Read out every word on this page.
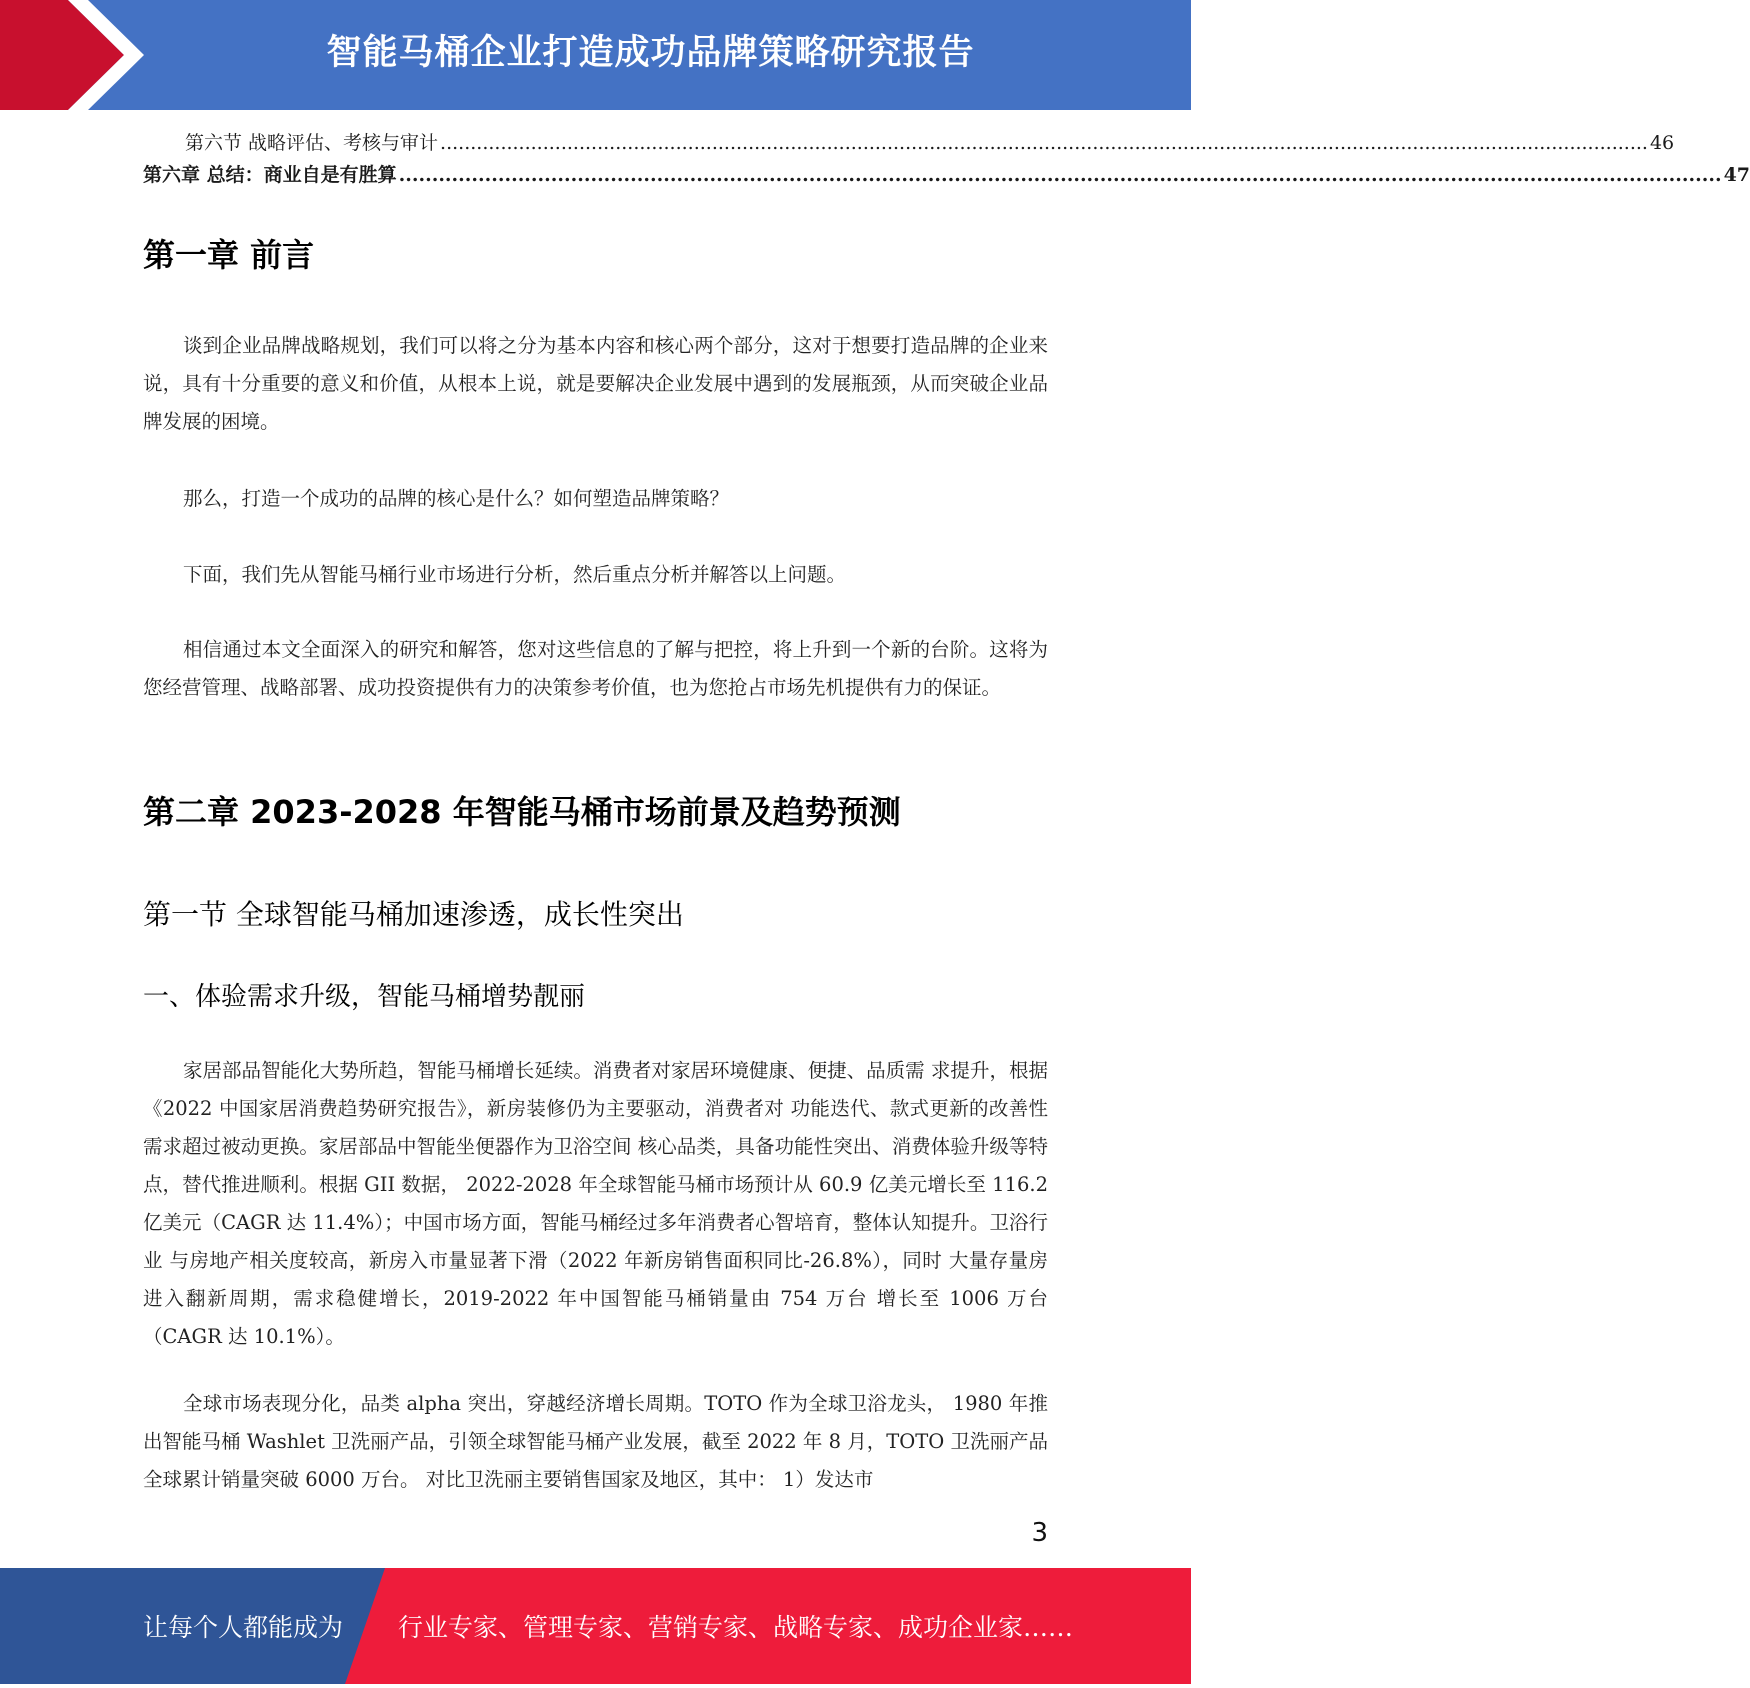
智能马桶企业打造成功品牌策略研究报告
第六节 战略评估、考核与审计 ........................................................................................................................................................................................................ 46
第六章 总结：商业自是有胜算 ........................................................................................................................................................................................................ 47
第一章 前言

谈到企业品牌战略规划，我们可以将之分为基本内容和核心两个部分，这对于想要打造品牌的企业来说，具有十分重要的意义和价值，从根本上说，就是要解决企业发展中遇到的发展瓶颈，从而突破企业品牌发展的困境。

那么，打造一个成功的品牌的核心是什么？如何塑造品牌策略？

下面，我们先从智能马桶行业市场进行分析，然后重点分析并解答以上问题。

相信通过本文全面深入的研究和解答，您对这些信息的了解与把控，将上升到一个新的台阶。这将为您经营管理、战略部署、成功投资提供有力的决策参考价值，也为您抢占市场先机提供有力的保证。

第二章 2023-2028 年智能马桶市场前景及趋势预测
第一节 全球智能马桶加速渗透，成长性突出
一、体验需求升级，智能马桶增势靓丽

家居部品智能化大势所趋，智能马桶增长延续。消费者对家居环境健康、便捷、品质需 求提升，根据《2022 中国家居消费趋势研究报告》，新房装修仍为主要驱动，消费者对 功能迭代、款式更新的改善性需求超过被动更换。家居部品中智能坐便器作为卫浴空间 核心品类，具备功能性突出、消费体验升级等特点，替代推进顺利。根据 GII 数据， 2022-2028 年全球智能马桶市场预计从 60.9 亿美元增长至 116.2 亿美元（CAGR 达 11.4%）；中国市场方面，智能马桶经过多年消费者心智培育，整体认知提升。卫浴行业 与房地产相关度较高，新房入市量显著下滑（2022 年新房销售面积同比-26.8%），同时 大量存量房进入翻新周期，需求稳健增长，2019-2022 年中国智能马桶销量由 754 万台 增长至 1006 万台（CAGR 达 10.1%）。

全球市场表现分化，品类 alpha 突出，穿越经济增长周期。TOTO 作为全球卫浴龙头， 1980 年推出智能马桶 Washlet 卫洗丽产品，引领全球智能马桶产业发展，截至 2022 年 8 月，TOTO 卫洗丽产品全球累计销量突破 6000 万台。 对比卫洗丽主要销售国家及地区，其中： 1）发达市

3
让每个人都能成为 行业专家、管理专家、营销专家、战略专家、成功企业家……
